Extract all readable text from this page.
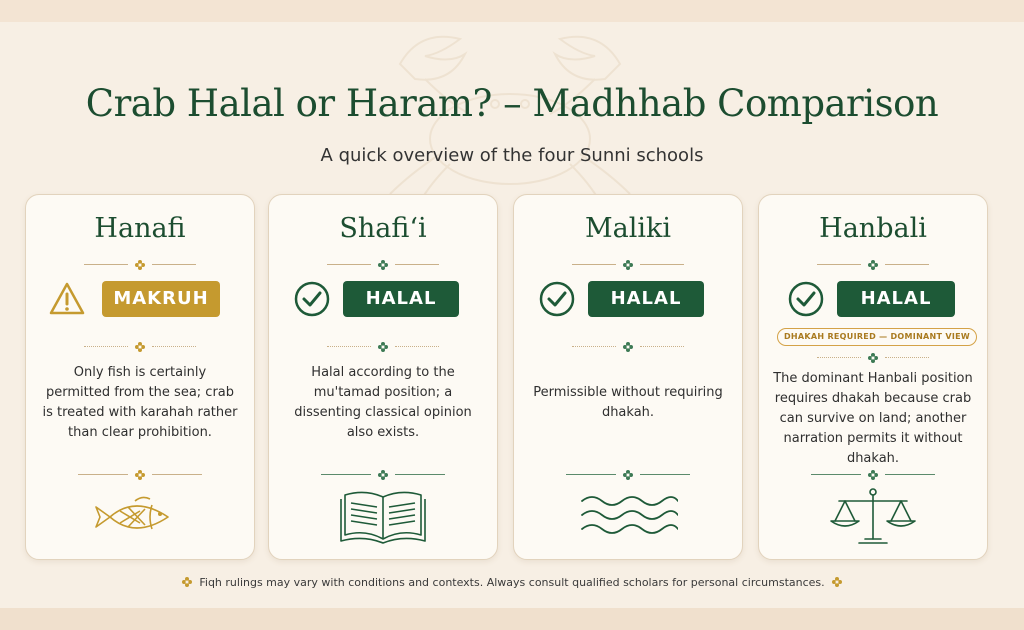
Crab Halal or Haram? – Madhhab Comparison
A quick overview of the four Sunni schools
Hanafi
MAKRUH
Only fish is certainly permitted from the sea; crab is treated with karahah rather than clear prohibition.
Shafi‘i
HALAL
Halal according to the mu'tamad position; a dissenting classical opinion also exists.
Maliki
HALAL
Permissible without requiring dhakah.
Hanbali
HALAL
DHAKAH REQUIRED — DOMINANT VIEW
The dominant Hanbali position requires dhakah because crab can survive on land; another narration permits it without dhakah.
Fiqh rulings may vary with conditions and contexts. Always consult qualified scholars for personal circumstances.
